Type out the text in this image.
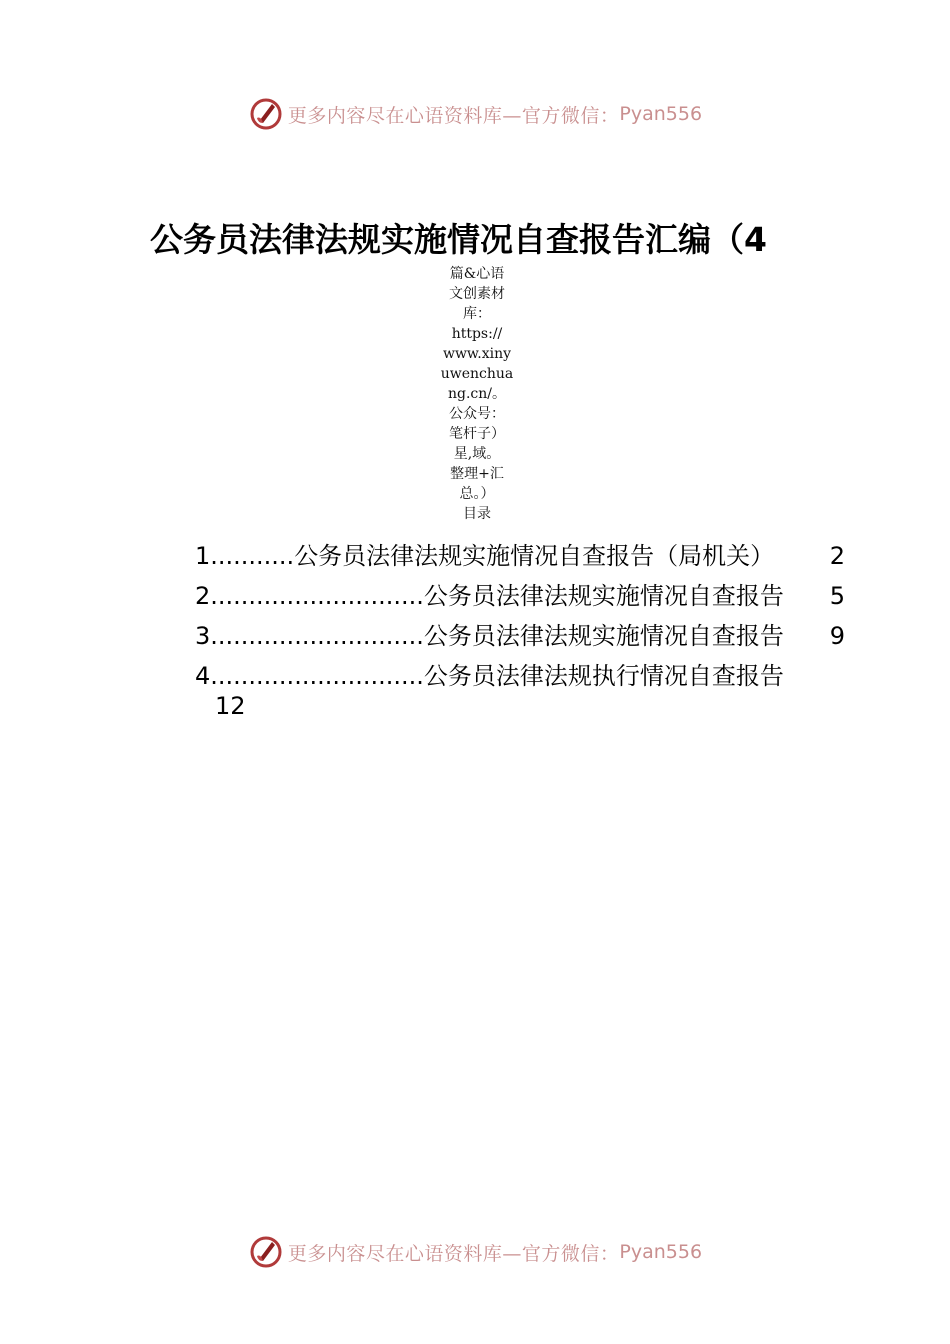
更多内容尽在心语资料库—官方微信： Pyan556
公务员法律法规实施情况自查报告汇编（4
篇&心语
文创素材
库：
https://
www.xiny
uwenchua
ng.cn/。
公众号：
笔杆子）
星,域。
整理+汇
总。）
目录
1...........公务员法律法规实施情况自查报告（局机关） 2
2............................公务员法律法规实施情况自查报告 5
3............................公务员法律法规实施情况自查报告 9
4............................公务员法律法规执行情况自查报告
12
更多内容尽在心语资料库—官方微信： Pyan556
